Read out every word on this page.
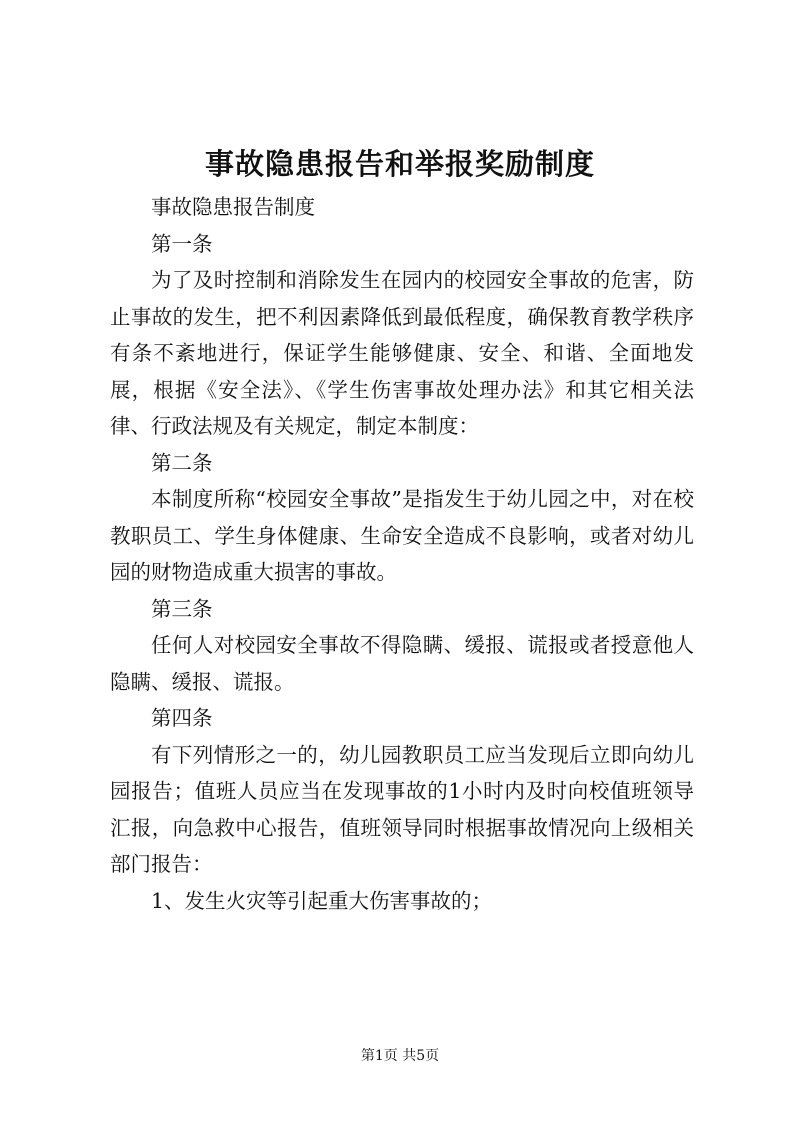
事故隐患报告和举报奖励制度

事故隐患报告制度

第一条

为了及时控制和消除发生在园内的校园安全事故的危害，防止事故的发生，把不利因素降低到最低程度，确保教育教学秩序有条不紊地进行，保证学生能够健康、安全、和谐、全面地发展，根据《安全法》、《学生伤害事故处理办法》和其它相关法律、行政法规及有关规定，制定本制度：

第二条

本制度所称“校园安全事故”是指发生于幼儿园之中，对在校教职员工、学生身体健康、生命安全造成不良影响，或者对幼儿园的财物造成重大损害的事故。

第三条

任何人对校园安全事故不得隐瞒、缓报、谎报或者授意他人隐瞒、缓报、谎报。

第四条

有下列情形之一的，幼儿园教职员工应当发现后立即向幼儿园报告；值班人员应当在发现事故的1小时内及时向校值班领导汇报，向急救中心报告，值班领导同时根据事故情况向上级相关部门报告：

1、发生火灾等引起重大伤害事故的；

第1页 共5页
